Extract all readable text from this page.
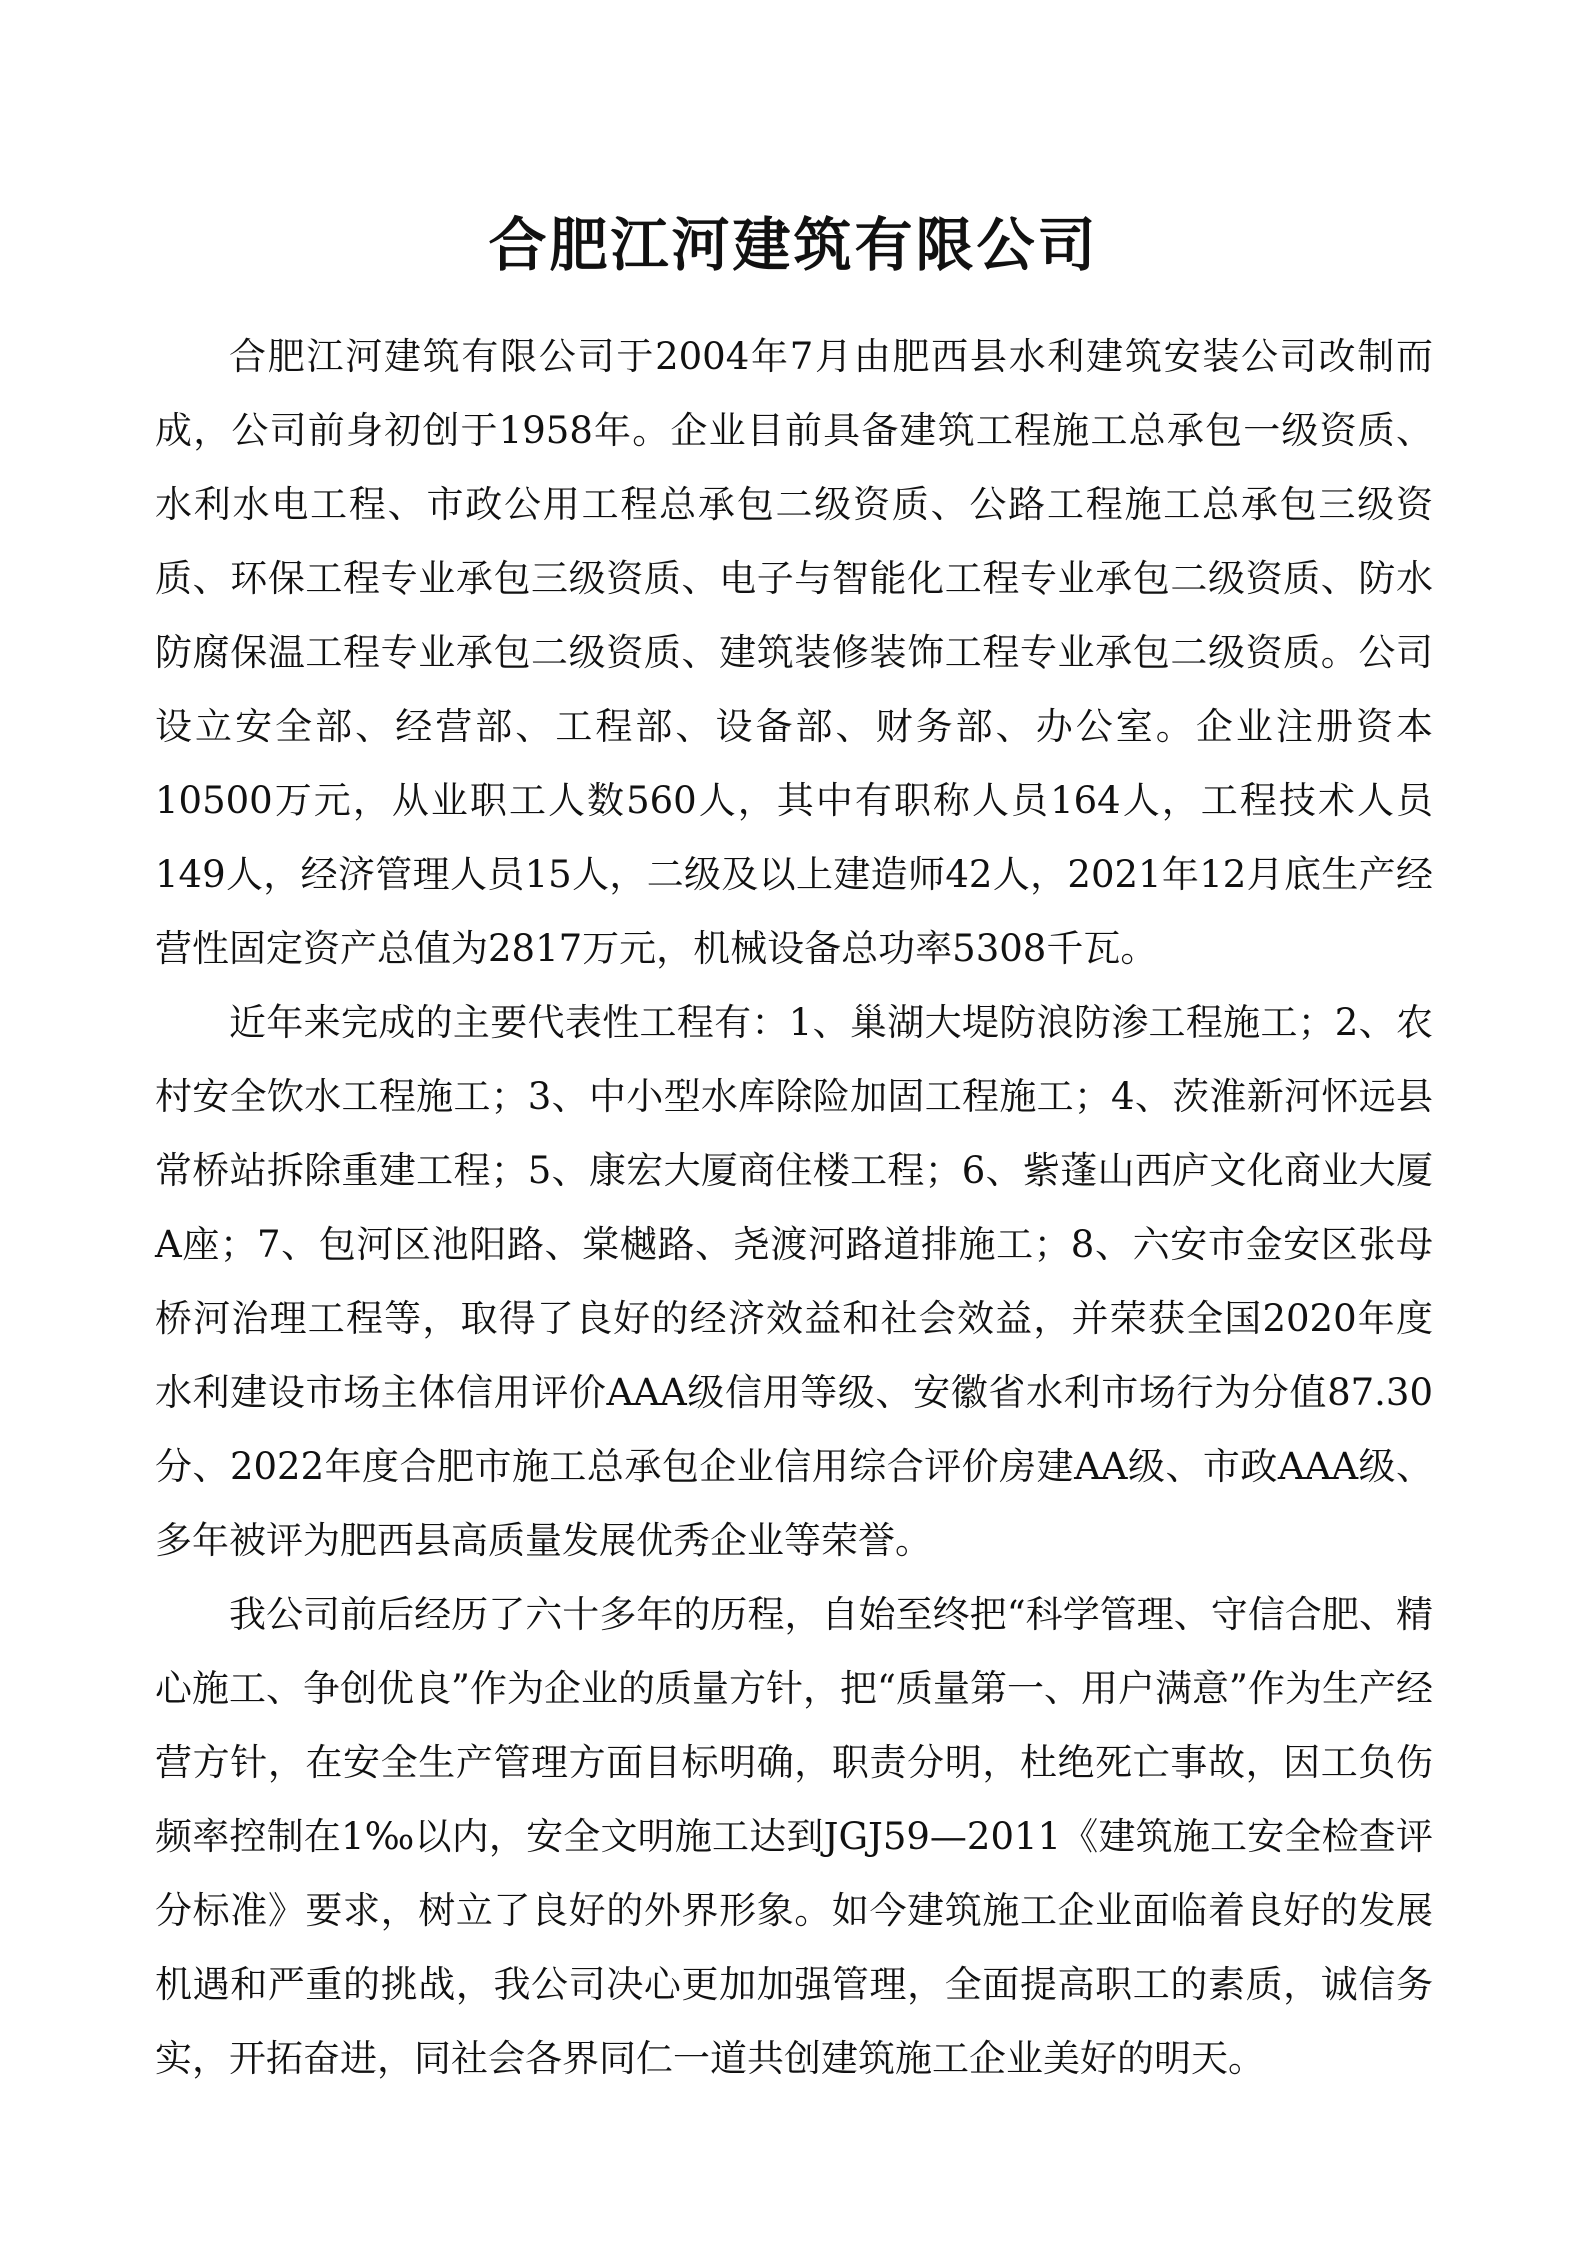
合肥江河建筑有限公司

合肥江河建筑有限公司于2004年7月由肥西县水利建筑安装公司改制而成，公司前身初创于1958年。企业目前具备建筑工程施工总承包一级资质、水利水电工程、市政公用工程总承包二级资质、公路工程施工总承包三级资质、环保工程专业承包三级资质、电子与智能化工程专业承包二级资质、防水防腐保温工程专业承包二级资质、建筑装修装饰工程专业承包二级资质。公司设立安全部、经营部、工程部、设备部、财务部、办公室。企业注册资本10500万元，从业职工人数560人，其中有职称人员164人，工程技术人员149人，经济管理人员15人，二级及以上建造师42人，2021年12月底生产经营性固定资产总值为2817万元，机械设备总功率5308千瓦。

近年来完成的主要代表性工程有：1、巢湖大堤防浪防渗工程施工；2、农村安全饮水工程施工；3、中小型水库除险加固工程施工；4、茨淮新河怀远县常桥站拆除重建工程；5、康宏大厦商住楼工程；6、紫蓬山西庐文化商业大厦A座；7、包河区池阳路、棠樾路、尧渡河路道排施工；8、六安市金安区张母桥河治理工程等，取得了良好的经济效益和社会效益，并荣获全国2020年度水利建设市场主体信用评价AAA级信用等级、安徽省水利市场行为分值87.30分、2022年度合肥市施工总承包企业信用综合评价房建AA级、市政AAA级、多年被评为肥西县高质量发展优秀企业等荣誉。

我公司前后经历了六十多年的历程，自始至终把“科学管理、守信合肥、精心施工、争创优良”作为企业的质量方针，把“质量第一、用户满意”作为生产经营方针，在安全生产管理方面目标明确，职责分明，杜绝死亡事故，因工负伤频率控制在1‰以内，安全文明施工达到JGJ59—2011《建筑施工安全检查评分标准》要求，树立了良好的外界形象。如今建筑施工企业面临着良好的发展机遇和严重的挑战，我公司决心更加加强管理，全面提高职工的素质，诚信务实，开拓奋进，同社会各界同仁一道共创建筑施工企业美好的明天。
